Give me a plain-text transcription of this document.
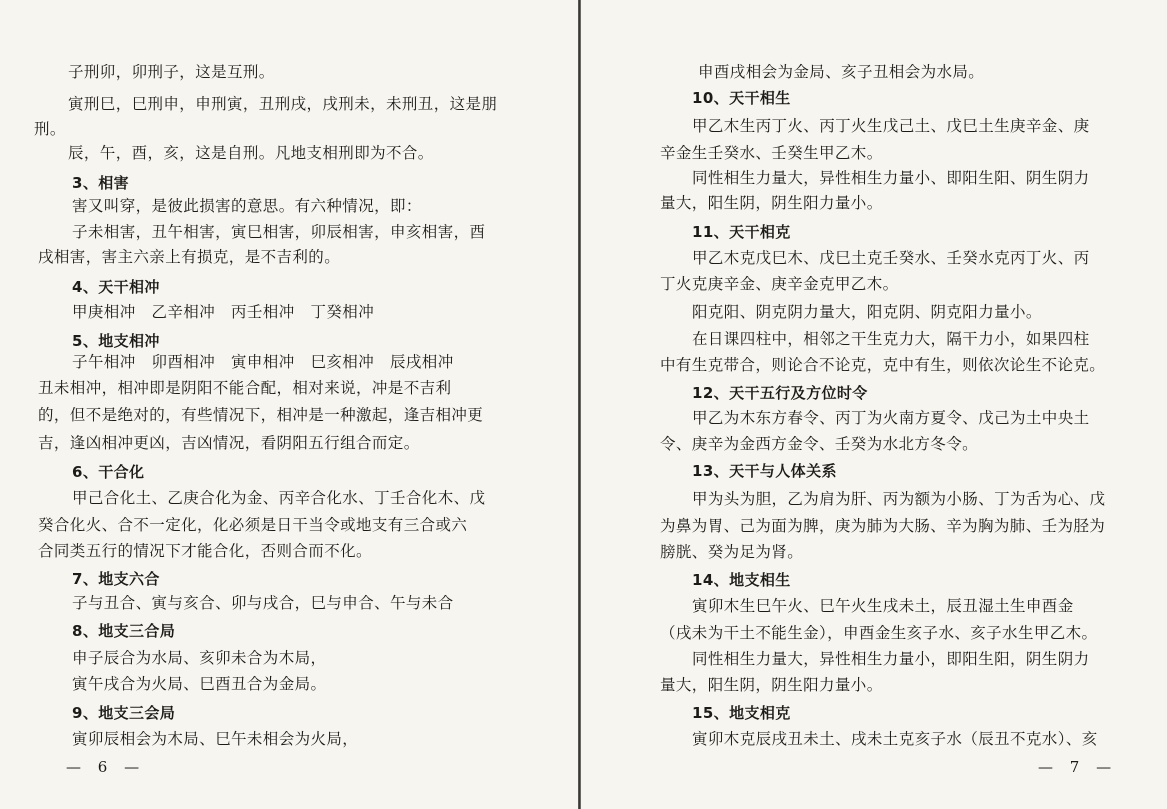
子刑卯，卯刑子，这是互刑。
寅刑巳，巳刑申，申刑寅，丑刑戌，戌刑未，未刑丑，这是朋
刑。
辰，午，酉，亥，这是自刑。凡地支相刑即为不合。
3、相害
害又叫穿，是彼此损害的意思。有六种情况，即：
子未相害，丑午相害，寅巳相害，卯辰相害，申亥相害，酉
戌相害，害主六亲上有损克，是不吉利的。
4、天干相冲
甲庚相冲　乙辛相冲　丙壬相冲　丁癸相冲
5、地支相冲
子午相冲　卯酉相冲　寅申相冲　巳亥相冲　辰戌相冲
丑未相冲，相冲即是阴阳不能合配，相对来说，冲是不吉利
的，但不是绝对的，有些情况下，相冲是一种激起，逢吉相冲更
吉，逢凶相冲更凶，吉凶情况，看阴阳五行组合而定。
6、干合化
甲己合化土、乙庚合化为金、丙辛合化水、丁壬合化木、戊
癸合化火、合不一定化，化必须是日干当令或地支有三合或六
合同类五行的情况下才能合化，否则合而不化。
7、地支六合
子与丑合、寅与亥合、卯与戌合，巳与申合、午与未合
8、地支三合局
申子辰合为水局、亥卯未合为木局，
寅午戌合为火局、巳酉丑合为金局。
9、地支三会局
寅卯辰相会为木局、巳午未相会为火局，
— 6 —
申酉戌相会为金局、亥子丑相会为水局。
10、天干相生
甲乙木生丙丁火、丙丁火生戊己土、戊巳土生庚辛金、庚
辛金生壬癸水、壬癸生甲乙木。
同性相生力量大，异性相生力量小、即阳生阳、阴生阴力
量大，阳生阴，阴生阳力量小。
11、天干相克
甲乙木克戊巳木、戊巳土克壬癸水、壬癸水克丙丁火、丙
丁火克庚辛金、庚辛金克甲乙木。
阳克阳、阴克阴力量大，阳克阴、阴克阳力量小。
在日课四柱中，相邻之干生克力大，隔干力小，如果四柱
中有生克带合，则论合不论克，克中有生，则依次论生不论克。
12、天干五行及方位时令
甲乙为木东方春令、丙丁为火南方夏令、戊己为土中央土
令、庚辛为金西方金令、壬癸为水北方冬令。
13、天干与人体关系
甲为头为胆，乙为肩为肝、丙为额为小肠、丁为舌为心、戊
为鼻为胃、己为面为脾，庚为肺为大肠、辛为胸为肺、壬为胫为
膀胱、癸为足为肾。
14、地支相生
寅卯木生巳午火、巳午火生戌未土，辰丑湿土生申酉金
（戌未为干土不能生金），申酉金生亥子水、亥子水生甲乙木。
同性相生力量大，异性相生力量小，即阳生阳，阴生阴力
量大，阳生阴，阴生阳力量小。
15、地支相克
寅卯木克辰戌丑未土、戌未土克亥子水（辰丑不克水）、亥
— 7 —
